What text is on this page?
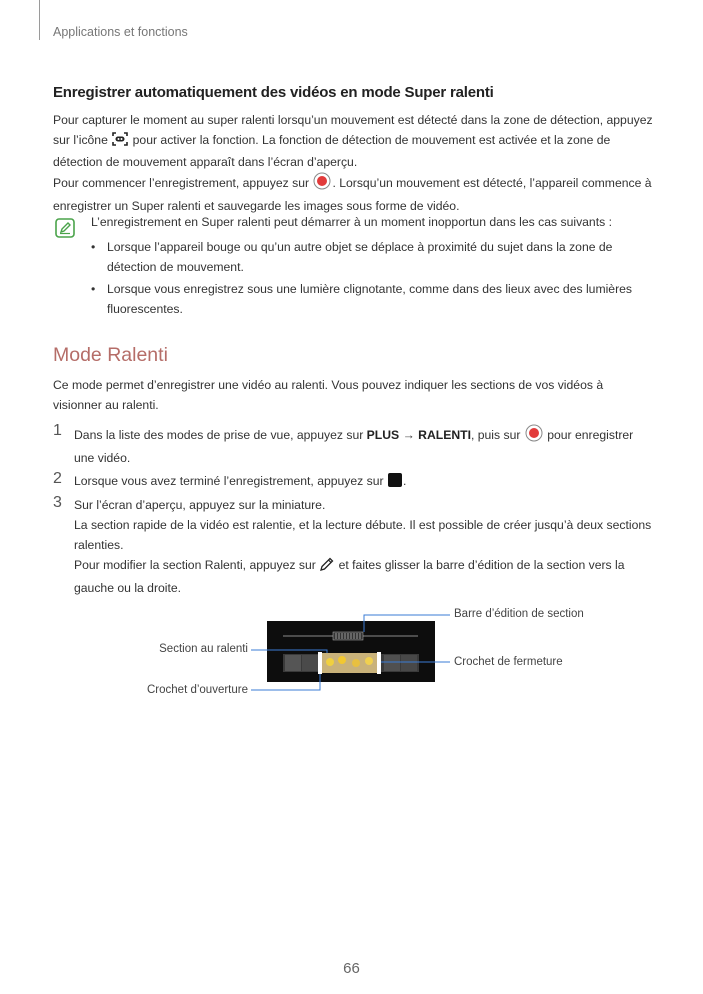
Applications et fonctions
Enregistrer automatiquement des vidéos en mode Super ralenti

Pour capturer le moment au super ralenti lorsqu’un mouvement est détecté dans la zone de détection, appuyez sur l’icône pour activer la fonction. La fonction de détection de mouvement est activée et la zone de détection de mouvement apparaît dans l’écran d’aperçu.

Pour commencer l’enregistrement, appuyez sur . Lorsqu’un mouvement est détecté, l’appareil commence à enregistrer un Super ralenti et sauvegarde les images sous forme de vidéo.

L’enregistrement en Super ralenti peut démarrer à un moment inopportun dans les cas suivants :
• Lorsque l’appareil bouge ou qu’un autre objet se déplace à proximité du sujet dans la zone de détection de mouvement.
• Lorsque vous enregistrez sous une lumière clignotante, comme dans des lieux avec des lumières fluorescentes.
Mode Ralenti

Ce mode permet d’enregistrer une vidéo au ralenti. Vous pouvez indiquer les sections de vos vidéos à visionner au ralenti.

1 Dans la liste des modes de prise de vue, appuyez sur PLUS → RALENTI, puis sur pour enregistrer une vidéo.
2 Lorsque vous avez terminé l’enregistrement, appuyez sur .
3 Sur l’écran d’aperçu, appuyez sur la miniature.
La section rapide de la vidéo est ralentie, et la lecture débute. Il est possible de créer jusqu’à deux sections ralenties.
Pour modifier la section Ralenti, appuyez sur et faites glisser la barre d’édition de la section vers la gauche ou la droite.
Barre d’édition de section
Section au ralenti
Crochet de fermeture
Crochet d’ouverture
66
